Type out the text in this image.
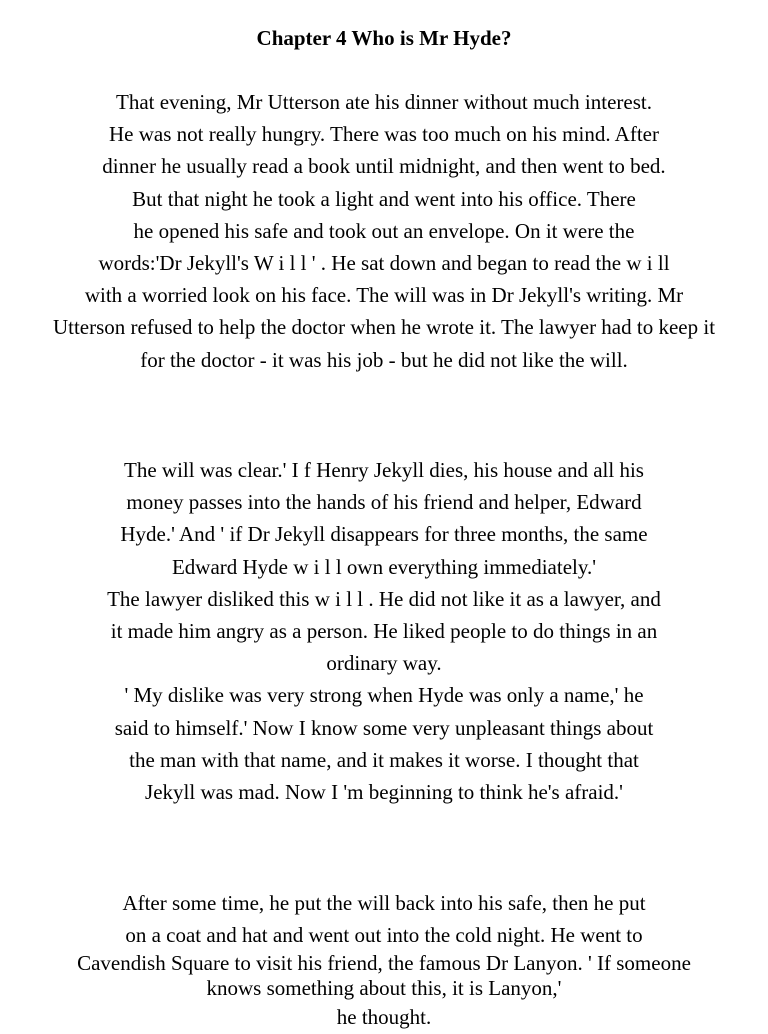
Chapter 4 Who is Mr Hyde?

That evening, Mr Utterson ate his dinner without much interest.
He was not really hungry. There was too much on his mind. After
dinner he usually read a book until midnight, and then went to bed.
But that night he took a light and went into his office. There
he opened his safe and took out an envelope. On it were the
words:'Dr Jekyll's W i l l ' . He sat down and began to read the w i ll
with a worried look on his face. The will was in Dr Jekyll's writing. Mr
Utterson refused to help the doctor when he wrote it. The lawyer had to keep it
for the doctor - it was his job - but he did not like the will.

The will was clear.' I f Henry Jekyll dies, his house and all his
money passes into the hands of his friend and helper, Edward
Hyde.' And ' if Dr Jekyll disappears for three months, the same
Edward Hyde w i l l own everything immediately.'
The lawyer disliked this w i l l . He did not like it as a lawyer, and
it made him angry as a person. He liked people to do things in an
ordinary way.
' My dislike was very strong when Hyde was only a name,' he
said to himself.' Now I know some very unpleasant things about
the man with that name, and it makes it worse. I thought that
Jekyll was mad. Now I 'm beginning to think he's afraid.'

After some time, he put the will back into his safe, then he put
on a coat and hat and went out into the cold night. He went to
Cavendish Square to visit his friend, the famous Dr Lanyon. ' If someone
knows something about this, it is Lanyon,'
he thought.
